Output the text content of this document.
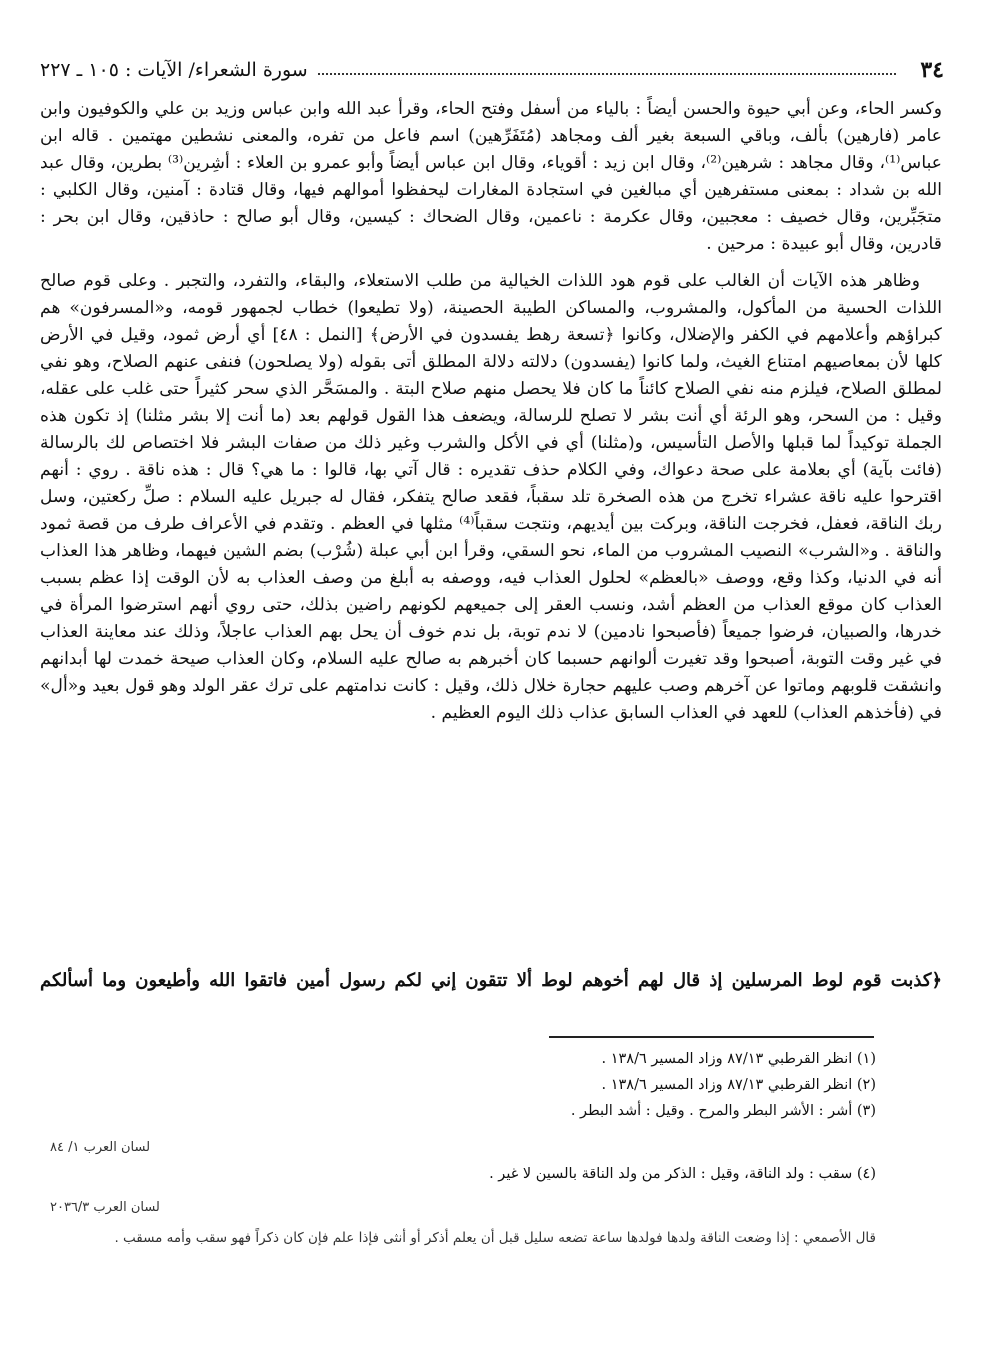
٣٤
سورة الشعراء/ الآيات : ١٠٥ ـ ٢٢٧

وكسر الحاء، وعن أبي حيوة والحسن أيضاً : بالياء من أسفل وفتح الحاء، وقرأ عبد الله وابن عباس وزيد بن علي والكوفيون وابن عامر (فارهين) بألف، وباقي السبعة بغير ألف ومجاهد (مُتَفَرِّهين) اسم فاعل من تفره، والمعنى نشطين مهتمين . قاله ابن عباس⁽¹⁾، وقال مجاهد : شرهين⁽²⁾، وقال ابن زيد : أقوياء، وقال ابن عباس أيضاً وأبو عمرو بن العلاء : أشِرين⁽³⁾ بطرين، وقال عبد الله بن شداد : بمعنى مستفرهين أي مبالغين في استجادة المغارات ليحفظوا أموالهم فيها، وقال قتادة : آمنين، وقال الكلبي : متجَبِّرين، وقال خصيف : معجبين، وقال عكرمة : ناعمين، وقال الضحاك : كيسين، وقال أبو صالح : حاذقين، وقال ابن بحر : قادرين، وقال أبو عبيدة : مرحين .

وظاهر هذه الآيات أن الغالب على قوم هود اللذات الخيالية من طلب الاستعلاء، والبقاء، والتفرد، والتجبر . وعلى قوم صالح اللذات الحسية من المأكول، والمشروب، والمساكن الطيبة الحصينة، (ولا تطيعوا) خطاب لجمهور قومه، و«المسرفون» هم كبراؤهم وأعلامهم في الكفر والإضلال، وكانوا ﴿تسعة رهط يفسدون في الأرض﴾ [النمل : ٤٨] أي أرض ثمود، وقيل في الأرض كلها لأن بمعاصيهم امتناع الغيث، ولما كانوا (يفسدون) دلالته دلالة المطلق أتى بقوله (ولا يصلحون) فنفى عنهم الصلاح، وهو نفي لمطلق الصلاح، فيلزم منه نفي الصلاح كائناً ما كان فلا يحصل منهم صلاح البتة . والمسَحَّر الذي سحر كثيراً حتى غلب على عقله، وقيل : من السحر، وهو الرئة أي أنت بشر لا تصلح للرسالة، ويضعف هذا القول قولهم بعد (ما أنت إلا بشر مثلنا) إذ تكون هذه الجملة توكيداً لما قبلها والأصل التأسيس، و(مثلنا) أي في الأكل والشرب وغير ذلك من صفات البشر فلا اختصاص لك بالرسالة (فائت بآية) أي بعلامة على صحة دعواك، وفي الكلام حذف تقديره : قال آتي بها، قالوا : ما هي؟ قال : هذه ناقة . روي : أنهم اقترحوا عليه ناقة عشراء تخرج من هذه الصخرة تلد سقباً، فقعد صالح يتفكر، فقال له جبريل عليه السلام : صلِّ ركعتين، وسل ربك الناقة، فعفل، فخرجت الناقة، وبركت بين أيديهم، ونتجت سقباً⁽⁴⁾ مثلها في العظم . وتقدم في الأعراف طرف من قصة ثمود والناقة . و«الشرب» النصيب المشروب من الماء، نحو السقي، وقرأ ابن أبي عبلة (شُرْب) بضم الشين فيهما، وظاهر هذا العذاب أنه في الدنيا، وكذا وقع، ووصف «بالعظم» لحلول العذاب فيه، ووصفه به أبلغ من وصف العذاب به لأن الوقت إذا عظم بسبب العذاب كان موقع العذاب من العظم أشد، ونسب العقر إلى جميعهم لكونهم راضين بذلك، حتى روي أنهم استرضوا المرأة في خدرها، والصبيان، فرضوا جميعاً (فأصبحوا نادمين) لا ندم توبة، بل ندم خوف أن يحل بهم العذاب عاجلاً، وذلك عند معاينة العذاب في غير وقت التوبة، أصبحوا وقد تغيرت ألوانهم حسبما كان أخبرهم به صالح عليه السلام، وكان العذاب صيحة خمدت لها أبدانهم وانشقت قلوبهم وماتوا عن آخرهم وصب عليهم حجارة خلال ذلك، وقيل : كانت ندامتهم على ترك عقر الولد وهو قول بعيد و«أل» في (فأخذهم العذاب) للعهد في العذاب السابق عذاب ذلك اليوم العظيم .

﴿كذبت قوم لوط المرسلين إذ قال لهم أخوهم لوط ألا تتقون إني لكم رسول أمين فاتقوا الله وأطيعون وما أسألكم
(١) انظر القرطبي ٨٧/١٣ وزاد المسير ١٣٨/٦ .
(٢) انظر القرطبي ٨٧/١٣ وزاد المسير ١٣٨/٦ .
(٣) أشر : الأشر البطر والمرح . وقيل : أشد البطر .
لسان العرب ١/ ٨٤
(٤) سقب : ولد الناقة، وقيل : الذكر من ولد الناقة بالسين لا غير .
لسان العرب ٢٠٣٦/٣
قال الأصمعي : إذا وضعت الناقة ولدها فولدها ساعة تضعه سليل قبل أن يعلم أذكر أو أنثى فإذا علم فإن كان ذكراً فهو سقب وأمه مسقب .
